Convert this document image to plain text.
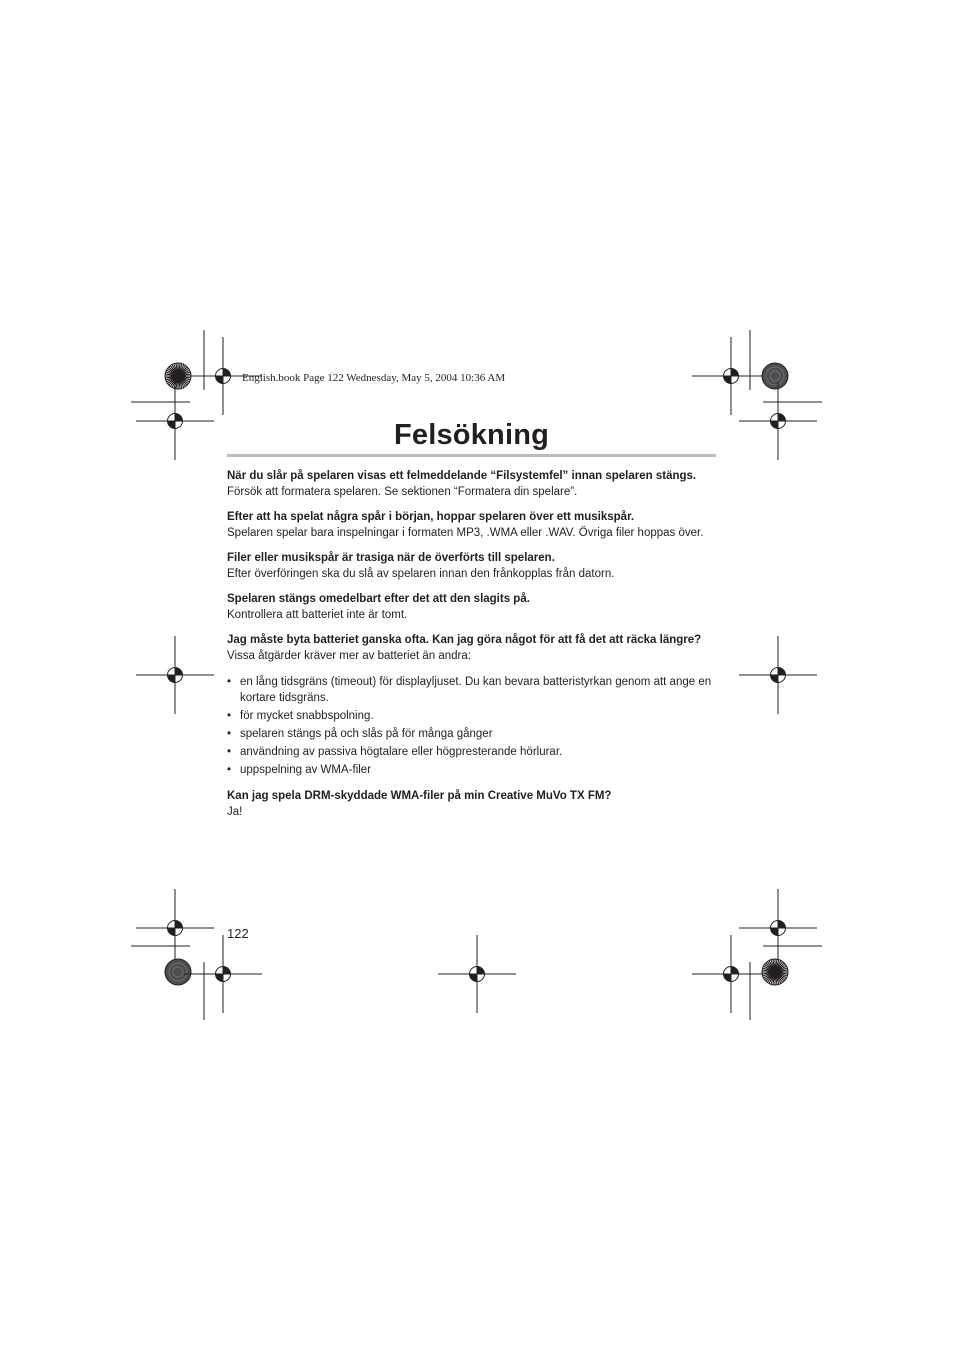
English.book Page 122 Wednesday, May 5, 2004 10:36 AM
Felsökning

När du slår på spelaren visas ett felmeddelande “Filsystemfel” innan spelaren stängs.

Försök att formatera spelaren. Se sektionen “Formatera din spelare”.

Efter att ha spelat några spår i början, hoppar spelaren över ett musikspår.

Spelaren spelar bara inspelningar i formaten MP3, .WMA eller .WAV. Övriga filer hoppas över.

Filer eller musikspår är trasiga när de överförts till spelaren.

Efter överföringen ska du slå av spelaren innan den frånkopplas från datorn.

Spelaren stängs omedelbart efter det att den slagits på.

Kontrollera att batteriet inte är tomt.

Jag måste byta batteriet ganska ofta. Kan jag göra något för att få det att räcka längre?

Vissa åtgärder kräver mer av batteriet än andra:

• en lång tidsgräns (timeout) för displayljuset. Du kan bevara batteristyrkan genom att ange en kortare tidsgräns.
• för mycket snabbspolning.
• spelaren stängs på och slås på för många gånger
• användning av passiva högtalare eller högpresterande hörlurar.
• uppspelning av WMA-filer

Kan jag spela DRM-skyddade WMA-filer på min Creative MuVo TX FM?

Ja!

122
